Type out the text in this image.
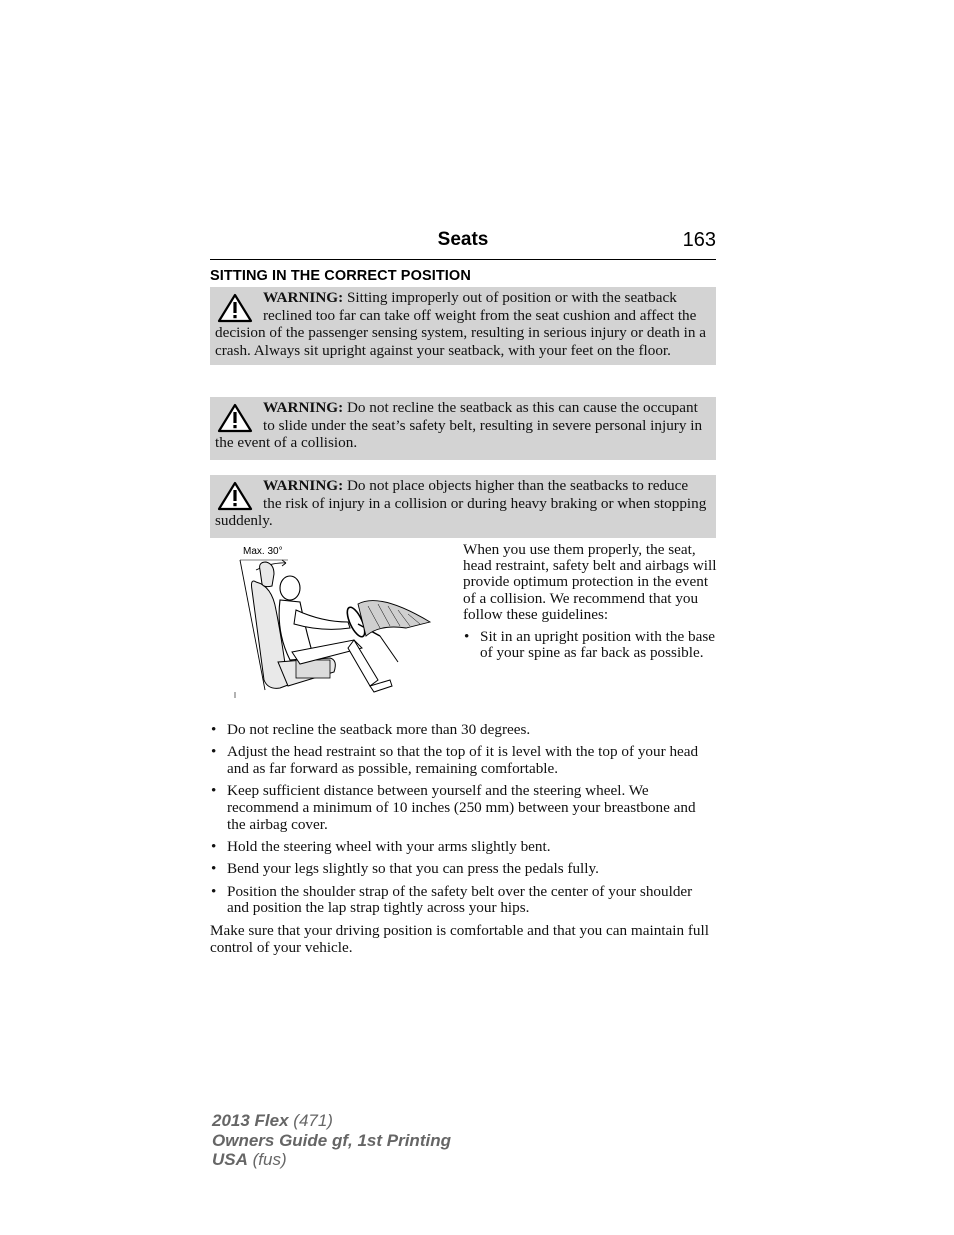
Seats	163
SITTING IN THE CORRECT POSITION
WARNING: Sitting improperly out of position or with the seatback reclined too far can take off weight from the seat cushion and affect the decision of the passenger sensing system, resulting in serious injury or death in a crash. Always sit upright against your seatback, with your feet on the floor.
WARNING: Do not recline the seatback as this can cause the occupant to slide under the seat’s safety belt, resulting in severe personal injury in the event of a collision.
WARNING: Do not place objects higher than the seatbacks to reduce the risk of injury in a collision or during heavy braking or when stopping suddenly.
Max. 30°	When you use them properly, the seat, head restraint, safety belt and airbags will provide optimum protection in the event of a collision. We recommend that you follow these guidelines:

• Sit in an upright position with the base of your spine as far back as possible.
• Do not recline the seatback more than 30 degrees.
• Adjust the head restraint so that the top of it is level with the top of your head and as far forward as possible, remaining comfortable.
• Keep sufficient distance between yourself and the steering wheel. We recommend a minimum of 10 inches (250 mm) between your breastbone and the airbag cover.
• Hold the steering wheel with your arms slightly bent.
• Bend your legs slightly so that you can press the pedals fully.
• Position the shoulder strap of the safety belt over the center of your shoulder and position the lap strap tightly across your hips.

Make sure that your driving position is comfortable and that you can maintain full control of your vehicle.

2013 Flex (471)
Owners Guide gf, 1st Printing
USA (fus)
